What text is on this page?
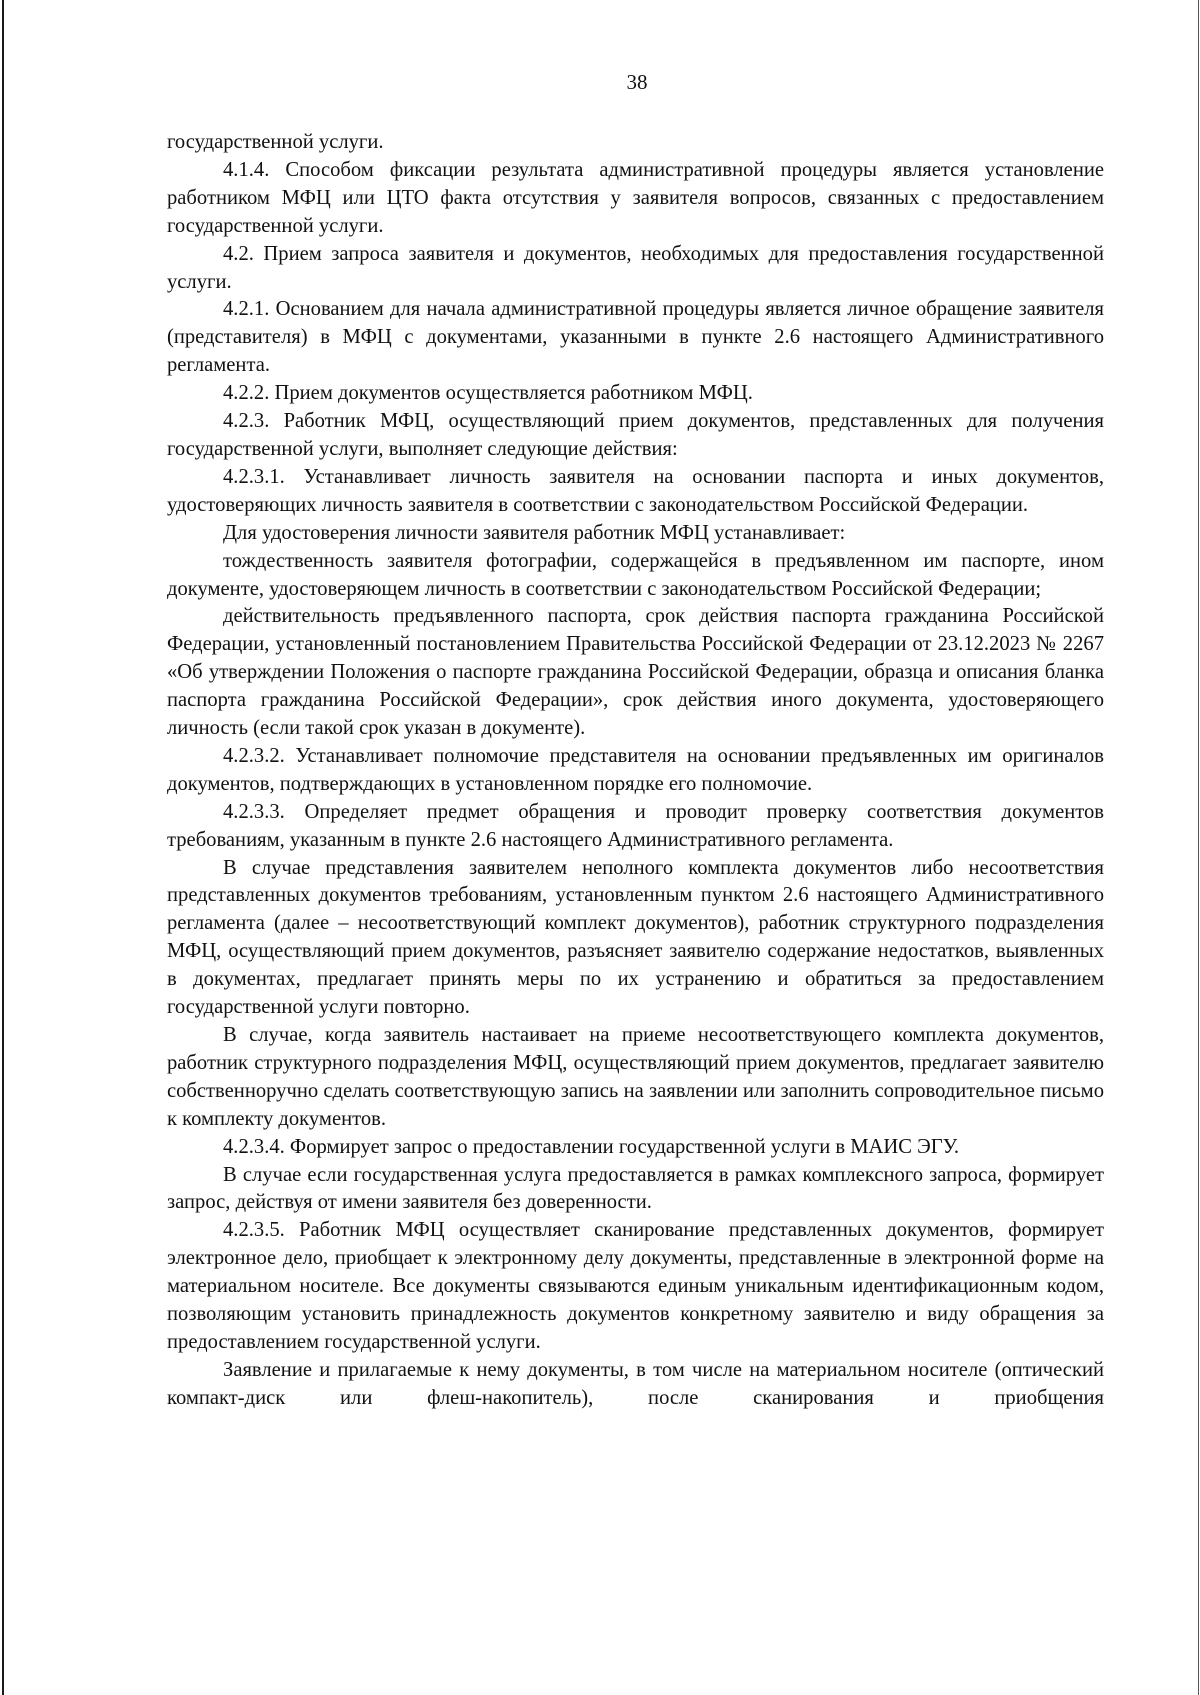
38

государственной услуги.

4.1.4. Способом фиксации результата административной процедуры является установление работником МФЦ или ЦТО факта отсутствия у заявителя вопросов, связанных с предоставлением государственной услуги.

4.2. Прием запроса заявителя и документов, необходимых для предоставления государственной услуги.

4.2.1. Основанием для начала административной процедуры является личное обращение заявителя (представителя) в МФЦ с документами, указанными в пункте 2.6 настоящего Административного регламента.

4.2.2. Прием документов осуществляется работником МФЦ.

4.2.3. Работник МФЦ, осуществляющий прием документов, представленных для получения государственной услуги, выполняет следующие действия:

4.2.3.1. Устанавливает личность заявителя на основании паспорта и иных документов, удостоверяющих личность заявителя в соответствии с законодательством Российской Федерации.

Для удостоверения личности заявителя работник МФЦ устанавливает:

тождественность заявителя фотографии, содержащейся в предъявленном им паспорте, ином документе, удостоверяющем личность в соответствии с законодательством Российской Федерации;

действительность предъявленного паспорта, срок действия паспорта гражданина Российской Федерации, установленный постановлением Правительства Российской Федерации от 23.12.2023 № 2267 «Об утверждении Положения о паспорте гражданина Российской Федерации, образца и описания бланка паспорта гражданина Российской Федерации», срок действия иного документа, удостоверяющего личность (если такой срок указан в документе).

4.2.3.2. Устанавливает полномочие представителя на основании предъявленных им оригиналов документов, подтверждающих в установленном порядке его полномочие.

4.2.3.3. Определяет предмет обращения и проводит проверку соответствия документов требованиям, указанным в пункте 2.6 настоящего Административного регламента.

В случае представления заявителем неполного комплекта документов либо несоответствия представленных документов требованиям, установленным пунктом 2.6 настоящего Административного регламента (далее – несоответствующий комплект документов), работник структурного подразделения МФЦ, осуществляющий прием документов, разъясняет заявителю содержание недостатков, выявленных в документах, предлагает принять меры по их устранению и обратиться за предоставлением государственной услуги повторно.

В случае, когда заявитель настаивает на приеме несоответствующего комплекта документов, работник структурного подразделения МФЦ, осуществляющий прием документов, предлагает заявителю собственноручно сделать соответствующую запись на заявлении или заполнить сопроводительное письмо к комплекту документов.

4.2.3.4. Формирует запрос о предоставлении государственной услуги в МАИС ЭГУ.

В случае если государственная услуга предоставляется в рамках комплексного запроса, формирует запрос, действуя от имени заявителя без доверенности.

4.2.3.5. Работник МФЦ осуществляет сканирование представленных документов, формирует электронное дело, приобщает к электронному делу документы, представленные в электронной форме на материальном носителе. Все документы связываются единым уникальным идентификационным кодом, позволяющим установить принадлежность документов конкретному заявителю и виду обращения за предоставлением государственной услуги.

Заявление и прилагаемые к нему документы, в том числе на материальном носителе (оптический компакт-диск или флеш-накопитель), после сканирования и приобщения
